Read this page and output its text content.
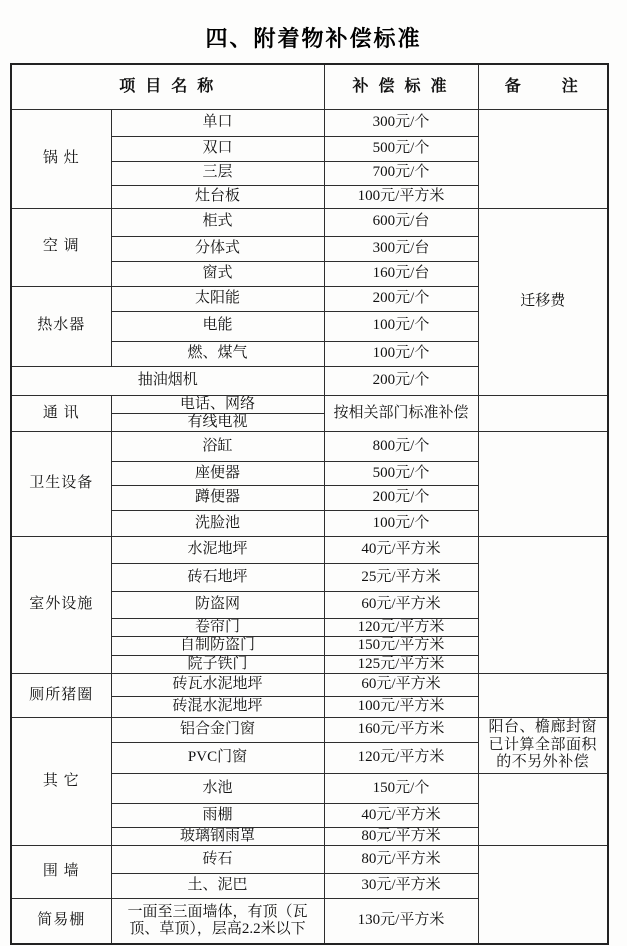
四、附着物补偿标准
项 目 名 称		补 偿 标 准	备　　注
锅 灶	单口	300元/个	
	双口	500元/个	
	三层	700元/个	
	灶台板	100元/平方米	
空 调	柜式	600元/台	迁移费
	分体式	300元/台	
	窗式	160元/台	
热水器	太阳能	200元/个	
	电能	100元/个	
	燃、煤气	100元/个	
抽油烟机		200元/个	
通 讯	电话、网络	按相关部门标准补偿	
	有线电视		
卫生设备	浴缸	800元/个	
	座便器	500元/个	
	蹲便器	200元/个	
	洗脸池	100元/个	
室外设施	水泥地坪	40元/平方米	
	砖石地坪	25元/平方米	
	防盗网	60元/平方米	
	卷帘门	120元/平方米	
	自制防盗门	150元/平方米	
	院子铁门	125元/平方米	
厕所猪圈	砖瓦水泥地坪	60元/平方米	
	砖混水泥地坪	100元/平方米	
其 它	铝合金门窗	160元/平方米	阳台、檐廊封窗已计算全部面积的不另外补偿
	PVC门窗	120元/平方米	
	水池	150元/个	
	雨棚	40元/平方米	
	玻璃钢雨罩	80元/平方米	
围 墙	砖石	80元/平方米	
	土、泥巴	30元/平方米	
简易棚	一面至三面墙体，有顶（瓦顶、草顶），层高2.2米以下	130元/平方米	
